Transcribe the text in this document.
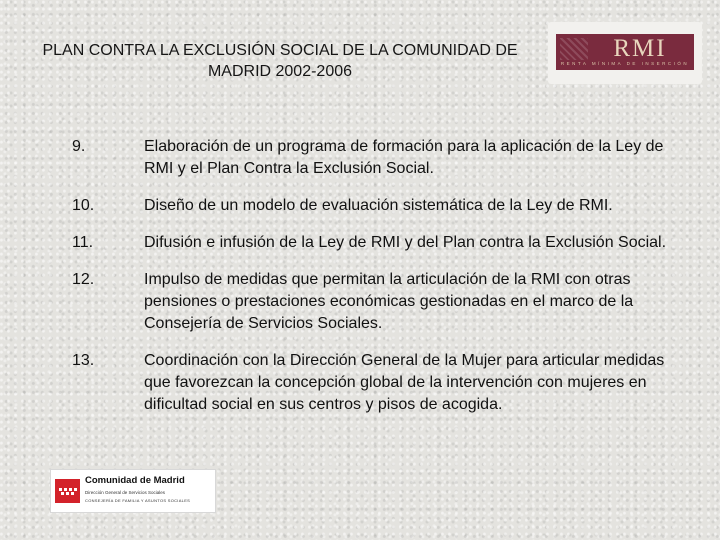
PLAN CONTRA LA EXCLUSIÓN SOCIAL DE LA COMUNIDAD DE MADRID 2002-2006
RMI
RENTA MÍNIMA DE INSERCIÓN
9.	Elaboración de un programa de formación para la aplicación de la Ley de RMI y el Plan Contra la Exclusión Social.
10.	Diseño de un modelo de evaluación sistemática de la Ley de RMI.
11.	Difusión e infusión de la Ley de RMI y del Plan contra la Exclusión Social.
12.	Impulso de medidas que permitan la articulación de la RMI con otras pensiones o prestaciones económicas gestionadas en el marco de la Consejería de Servicios Sociales.
13.	Coordinación con la Dirección General de la Mujer para articular medidas que favorezcan la concepción global de la intervención con mujeres en dificultad social en sus centros y pisos de acogida.
Comunidad de Madrid
Dirección General de Servicios Sociales
CONSEJERÍA DE FAMILIA Y ASUNTOS SOCIALES
